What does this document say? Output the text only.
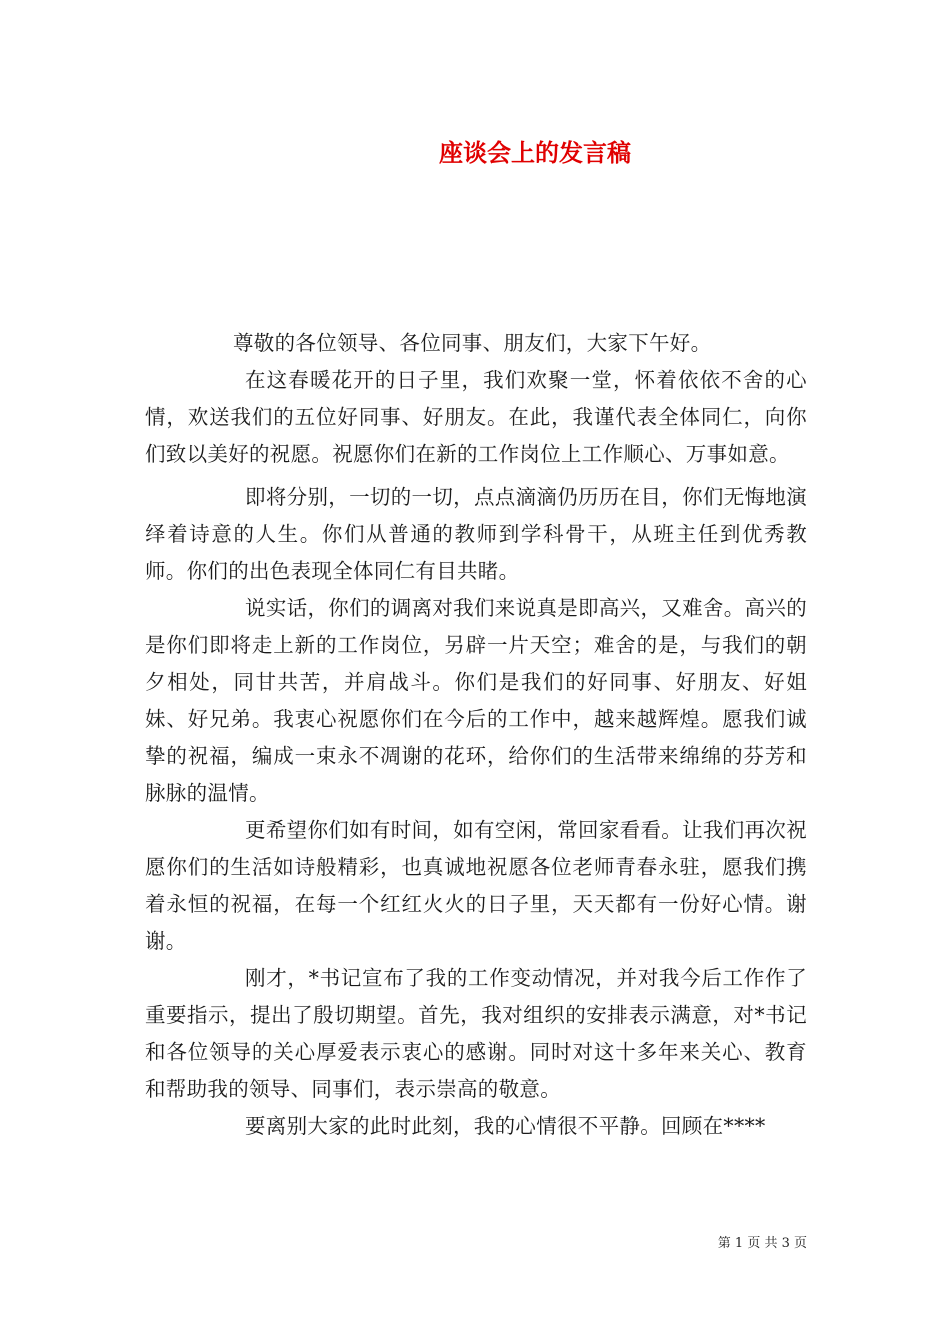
座谈会上的发言稿

尊敬的各位领导、各位同事、朋友们，大家下午好。

在这春暖花开的日子里，我们欢聚一堂，怀着依依不舍的心情，欢送我们的五位好同事、好朋友。在此，我谨代表全体同仁，向你们致以美好的祝愿。祝愿你们在新的工作岗位上工作顺心、万事如意。

即将分别，一切的一切，点点滴滴仍历历在目，你们无悔地演绎着诗意的人生。你们从普通的教师到学科骨干，从班主任到优秀教师。你们的出色表现全体同仁有目共睹。

说实话，你们的调离对我们来说真是即高兴，又难舍。高兴的是你们即将走上新的工作岗位，另辟一片天空；难舍的是，与我们的朝夕相处，同甘共苦，并肩战斗。你们是我们的好同事、好朋友、好姐妹、好兄弟。我衷心祝愿你们在今后的工作中，越来越辉煌。愿我们诚挚的祝福，编成一束永不凋谢的花环，给你们的生活带来绵绵的芬芳和脉脉的温情。

更希望你们如有时间，如有空闲，常回家看看。让我们再次祝愿你们的生活如诗般精彩，也真诚地祝愿各位老师青春永驻，愿我们携着永恒的祝福，在每一个红红火火的日子里，天天都有一份好心情。谢谢。

刚才，*书记宣布了我的工作变动情况，并对我今后工作作了重要指示，提出了殷切期望。首先，我对组织的安排表示满意，对*书记和各位领导的关心厚爱表示衷心的感谢。同时对这十多年来关心、教育和帮助我的领导、同事们，表示崇高的敬意。

要离别大家的此时此刻，我的心情很不平静。回顾在****

第 1 页 共 3 页
